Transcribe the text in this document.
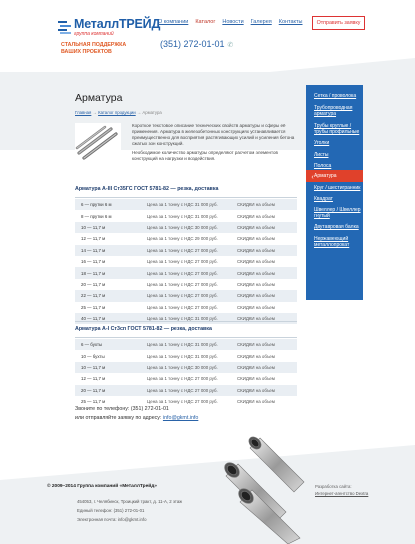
МеталлТРЕЙД
группа компаний
СТАЛЬНАЯ ПОДДЕРЖКА
ВАШИХ ПРОЕКТОВ
О компании Каталог Новости Галерея Контакты
(351) 272-01-01 ✆
Отправить заявку
Арматура
Главная → Каталог продукции → Арматура

Короткое текстовое описание технических свойств арматуры и сферы её применения. Арматура в железобетонных конструкциях устанавливается преимущественно для восприятия растягивающих усилий и усиления бетона сжатых зон конструкций.

Необходимое количество арматуры определяют расчетом элементов конструкций на нагрузки и воздействия.

Арматура А-III Ст35ГС ГОСТ 5781-82 — резка, доставка
6 — прутки 6 м	Цена за 1 тонну с НДС 31 000 руб.	СКИДКИ на объем
8 — прутки 6 м	Цена за 1 тонну с НДС 31 000 руб.	СКИДКИ на объем
10 — 11,7 м	Цена за 1 тонну с НДС 30 000 руб.	СКИДКИ на объем
12 — 11,7 м	Цена за 1 тонну с НДС 29 000 руб.	СКИДКИ на объем
14 — 11,7 м	Цена за 1 тонну с НДС 27 000 руб.	СКИДКИ на объем
16 — 11,7 м	Цена за 1 тонну с НДС 27 000 руб.	СКИДКИ на объем
18 — 11,7 м	Цена за 1 тонну с НДС 27 000 руб.	СКИДКИ на объем
20 — 11,7 м	Цена за 1 тонну с НДС 27 000 руб.	СКИДКИ на объем
22 — 11,7 м	Цена за 1 тонну с НДС 27 000 руб.	СКИДКИ на объем
25 — 11,7 м	Цена за 1 тонну с НДС 27 000 руб.	СКИДКИ на объем
40 — 11,7 м	Цена за 1 тонну с НДС 31 000 руб.	СКИДКИ на объем
Арматура А-I Ст3сп ГОСТ 5781-82 — резка, доставка
6 — бухты	Цена за 1 тонну с НДС 31 000 руб.	СКИДКИ на объем
10 — бухты	Цена за 1 тонну с НДС 31 000 руб.	СКИДКИ на объем
10 — 11,7 м	Цена за 1 тонну с НДС 30 000 руб.	СКИДКИ на объем
12 — 11,7 м	Цена за 1 тонну с НДС 27 000 руб.	СКИДКИ на объем
20 — 11,7 м	Цена за 1 тонну с НДС 27 000 руб.	СКИДКИ на объем
25 — 11,7 м	Цена за 1 тонну с НДС 27 000 руб.	СКИДКИ на объем
Звоните по телефону: (351) 272-01-01
или отправляйте заявку по адресу: info@gkmt.info
Сетка / проволока
Трубопроводная арматура
Трубы круглые / трубы профильные
Уголки
Листы
Полоса
Арматура
Круг / шестигранник
Квадрат
Швеллер / Швеллер гнутый
Двутавровая балка
Нержавеющий металлопрокат
‹
© 2009–2014 Группа компаний «МеталлТрейд»
454053, г. Челябинск, Троицкий тракт, д. 11-А, 2 этаж
Единый телефон: (351) 272-01-01
Электронная почта: info@gkmt.info
Разработка сайта:
Интернет-агентство Dextra
